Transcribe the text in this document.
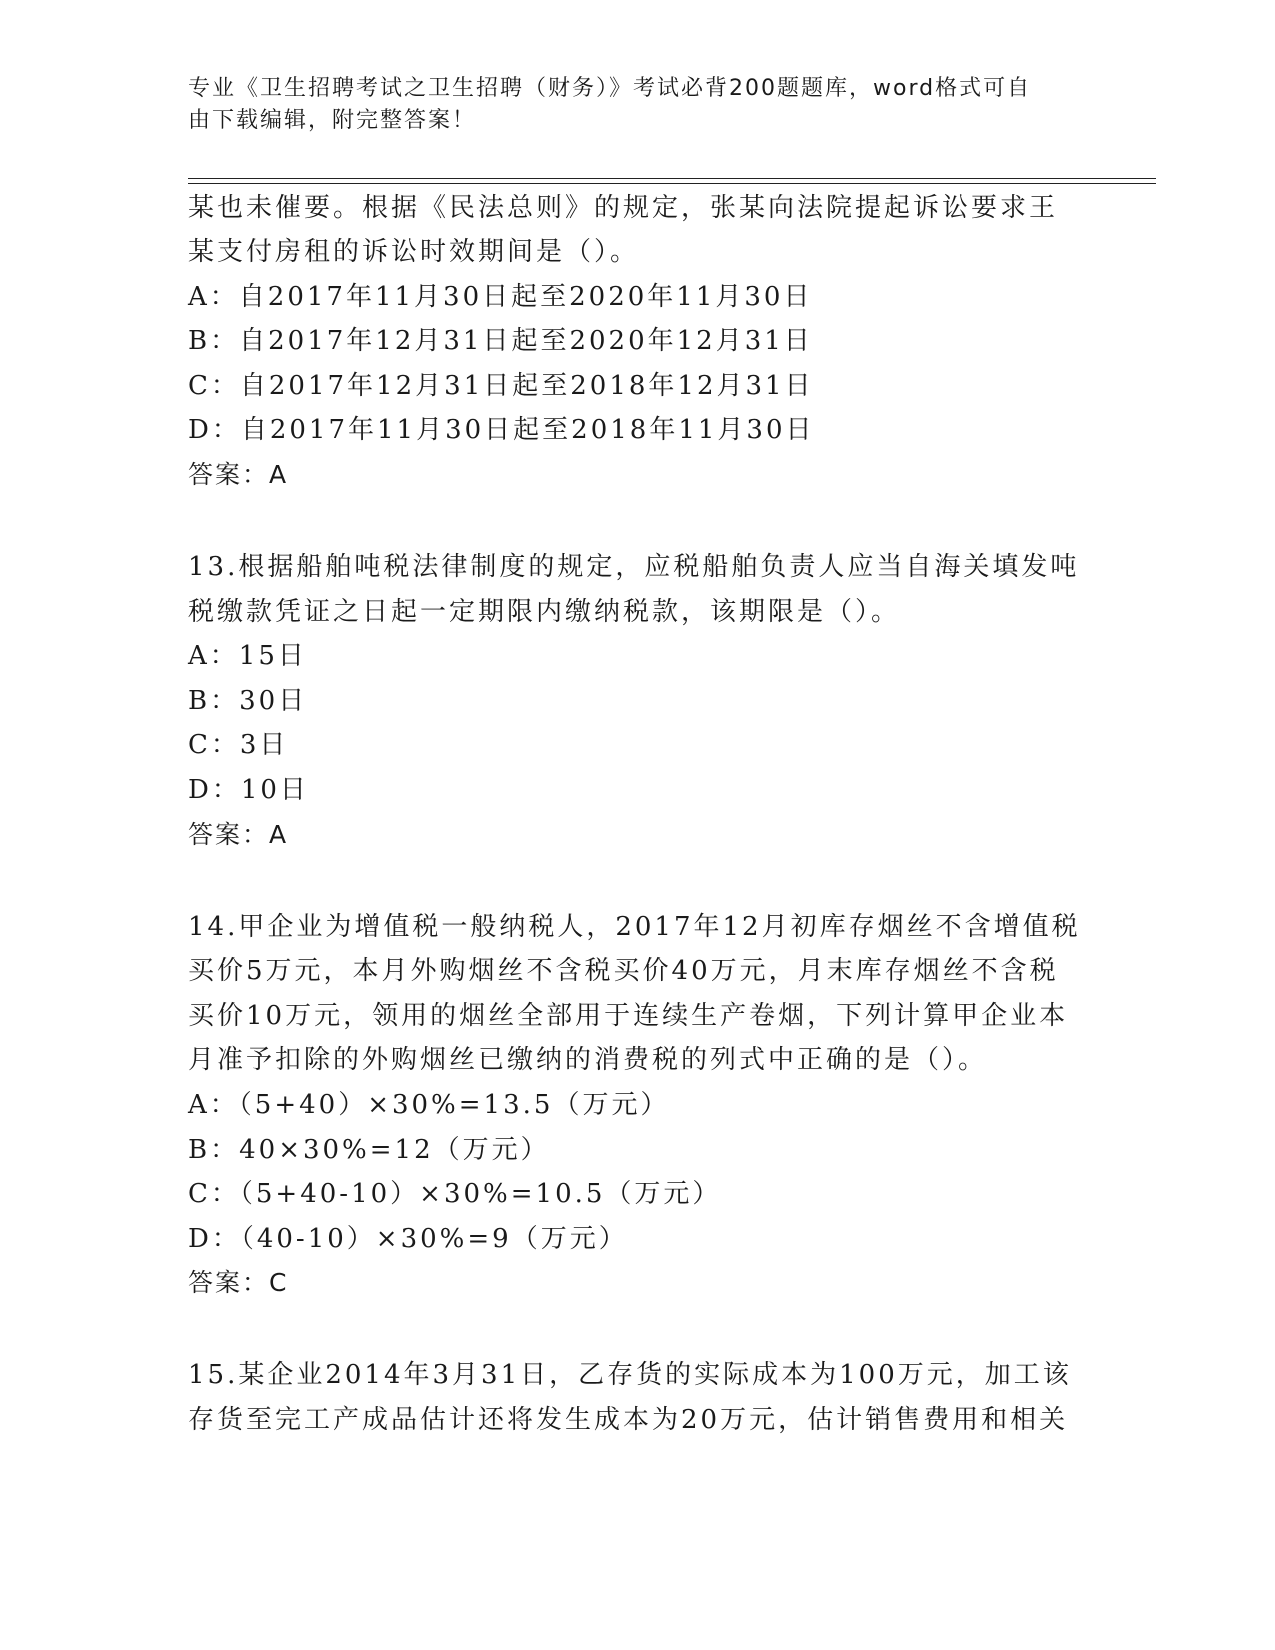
专业《卫生招聘考试之卫生招聘（财务）》考试必背200题题库，word格式可自
由下载编辑，附完整答案！
某也未催要。根据《民法总则》的规定，张某向法院提起诉讼要求王
某支付房租的诉讼时效期间是（）。
A：自2017年11月30日起至2020年11月30日
B：自2017年12月31日起至2020年12月31日
C：自2017年12月31日起至2018年12月31日
D：自2017年11月30日起至2018年11月30日
答案：A
13.根据船舶吨税法律制度的规定，应税船舶负责人应当自海关填发吨
税缴款凭证之日起一定期限内缴纳税款，该期限是（）。
A：15日
B：30日
C：3日
D：10日
答案：A
14.甲企业为增值税一般纳税人，2017年12月初库存烟丝不含增值税
买价5万元，本月外购烟丝不含税买价40万元，月末库存烟丝不含税
买价10万元，领用的烟丝全部用于连续生产卷烟，下列计算甲企业本
月准予扣除的外购烟丝已缴纳的消费税的列式中正确的是（）。
A：（5+40）×30%=13.5（万元）
B：40×30%=12（万元）
C：（5+40-10）×30%=10.5（万元）
D：（40-10）×30%=9（万元）
答案：C
15.某企业2014年3月31日，乙存货的实际成本为100万元，加工该
存货至完工产成品估计还将发生成本为20万元，估计销售费用和相关
